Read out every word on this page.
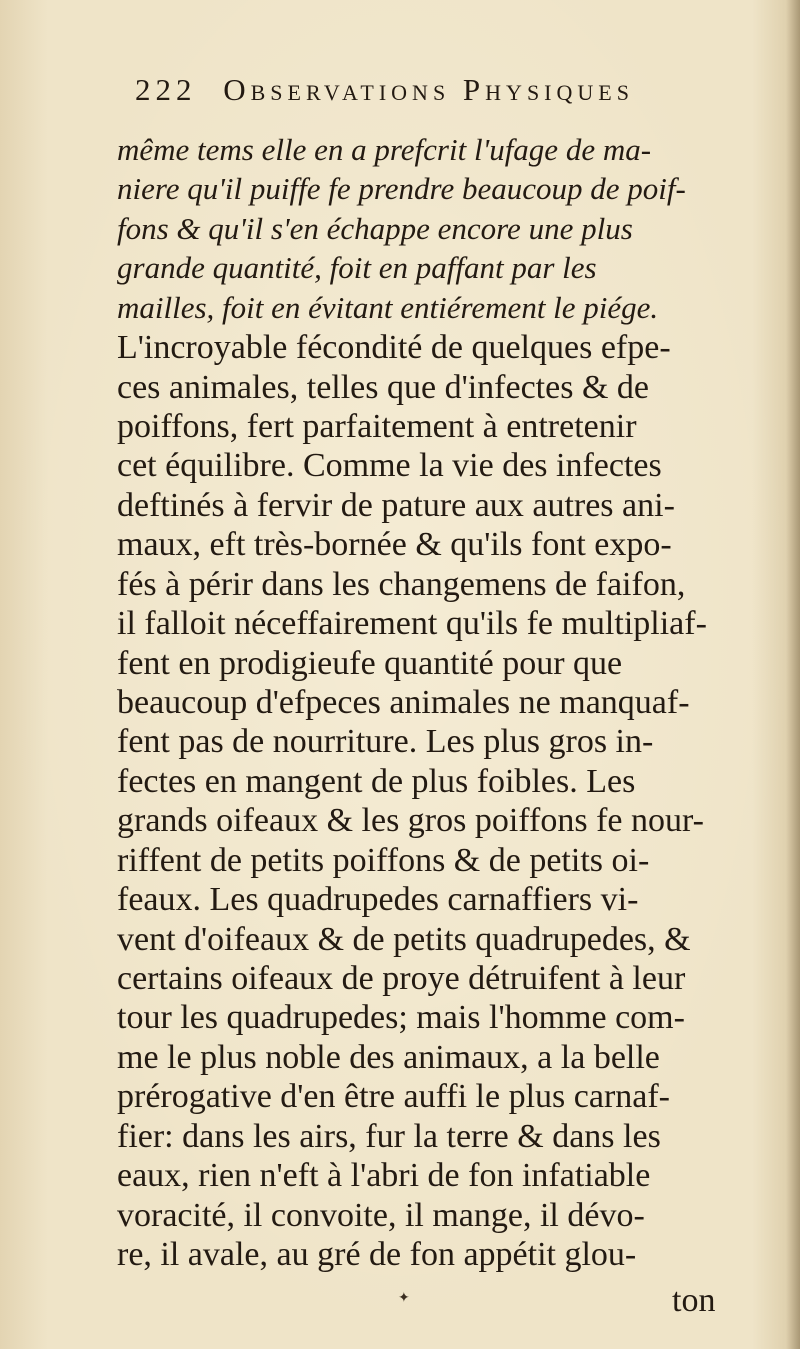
222 Observations Physiques
même tems elle en a prefcrit l'ufage de ma-
niere qu'il puiffe fe prendre beaucoup de poif-
fons & qu'il s'en échappe encore une plus
grande quantité, foit en paffant par les
mailles, foit en évitant entiérement le piége.
L'incroyable fécondité de quelques efpe-
ces animales, telles que d'infectes & de
poiffons, fert parfaitement à entretenir
cet équilibre. Comme la vie des infectes
deftinés à fervir de pature aux autres ani-
maux, eft très-bornée & qu'ils font expo-
fés à périr dans les changemens de faifon,
il falloit néceffairement qu'ils fe multipliaf-
fent en prodigieufe quantité pour que
beaucoup d'efpeces animales ne manquaf-
fent pas de nourriture. Les plus gros in-
fectes en mangent de plus foibles. Les
grands oifeaux & les gros poiffons fe nour-
riffent de petits poiffons & de petits oi-
feaux. Les quadrupedes carnaffiers vi-
vent d'oifeaux & de petits quadrupedes, &
certains oifeaux de proye détruifent à leur
tour les quadrupedes; mais l'homme com-
me le plus noble des animaux, a la belle
prérogative d'en être auffi le plus carnaf-
fier: dans les airs, fur la terre & dans les
eaux, rien n'eft à l'abri de fon infatiable
voracité, il convoite, il mange, il dévo-
re, il avale, au gré de fon appétit glou-
ton
✦
